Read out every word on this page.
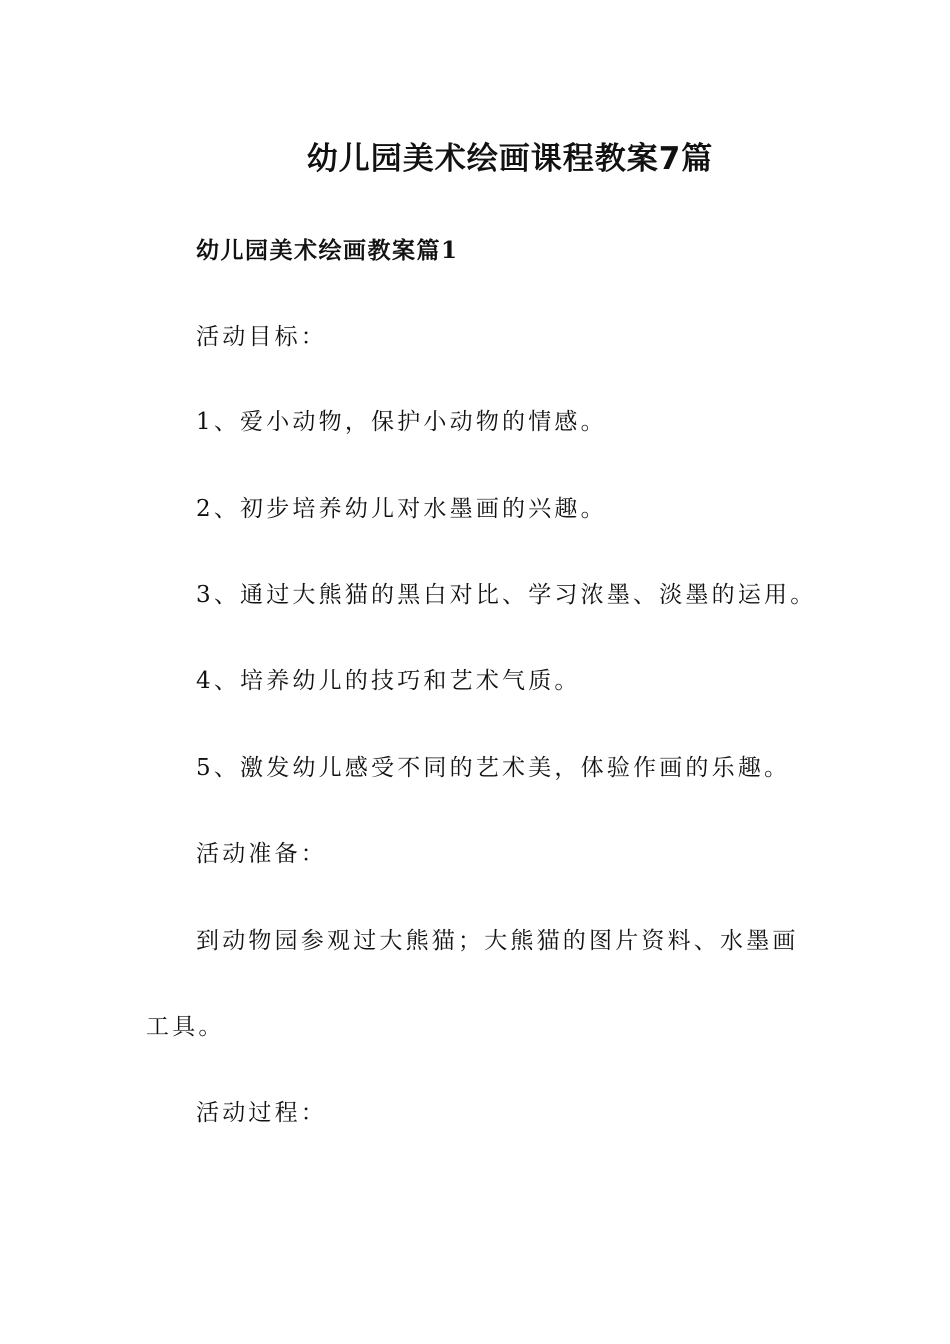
幼儿园美术绘画课程教案7篇
幼儿园美术绘画教案篇1
活动目标：
1、爱小动物，保护小动物的情感。
2、初步培养幼儿对水墨画的兴趣。
3、通过大熊猫的黑白对比、学习浓墨、淡墨的运用。
4、培养幼儿的技巧和艺术气质。
5、激发幼儿感受不同的艺术美，体验作画的乐趣。
活动准备：
到动物园参观过大熊猫；大熊猫的图片资料、水墨画
工具。
活动过程：
